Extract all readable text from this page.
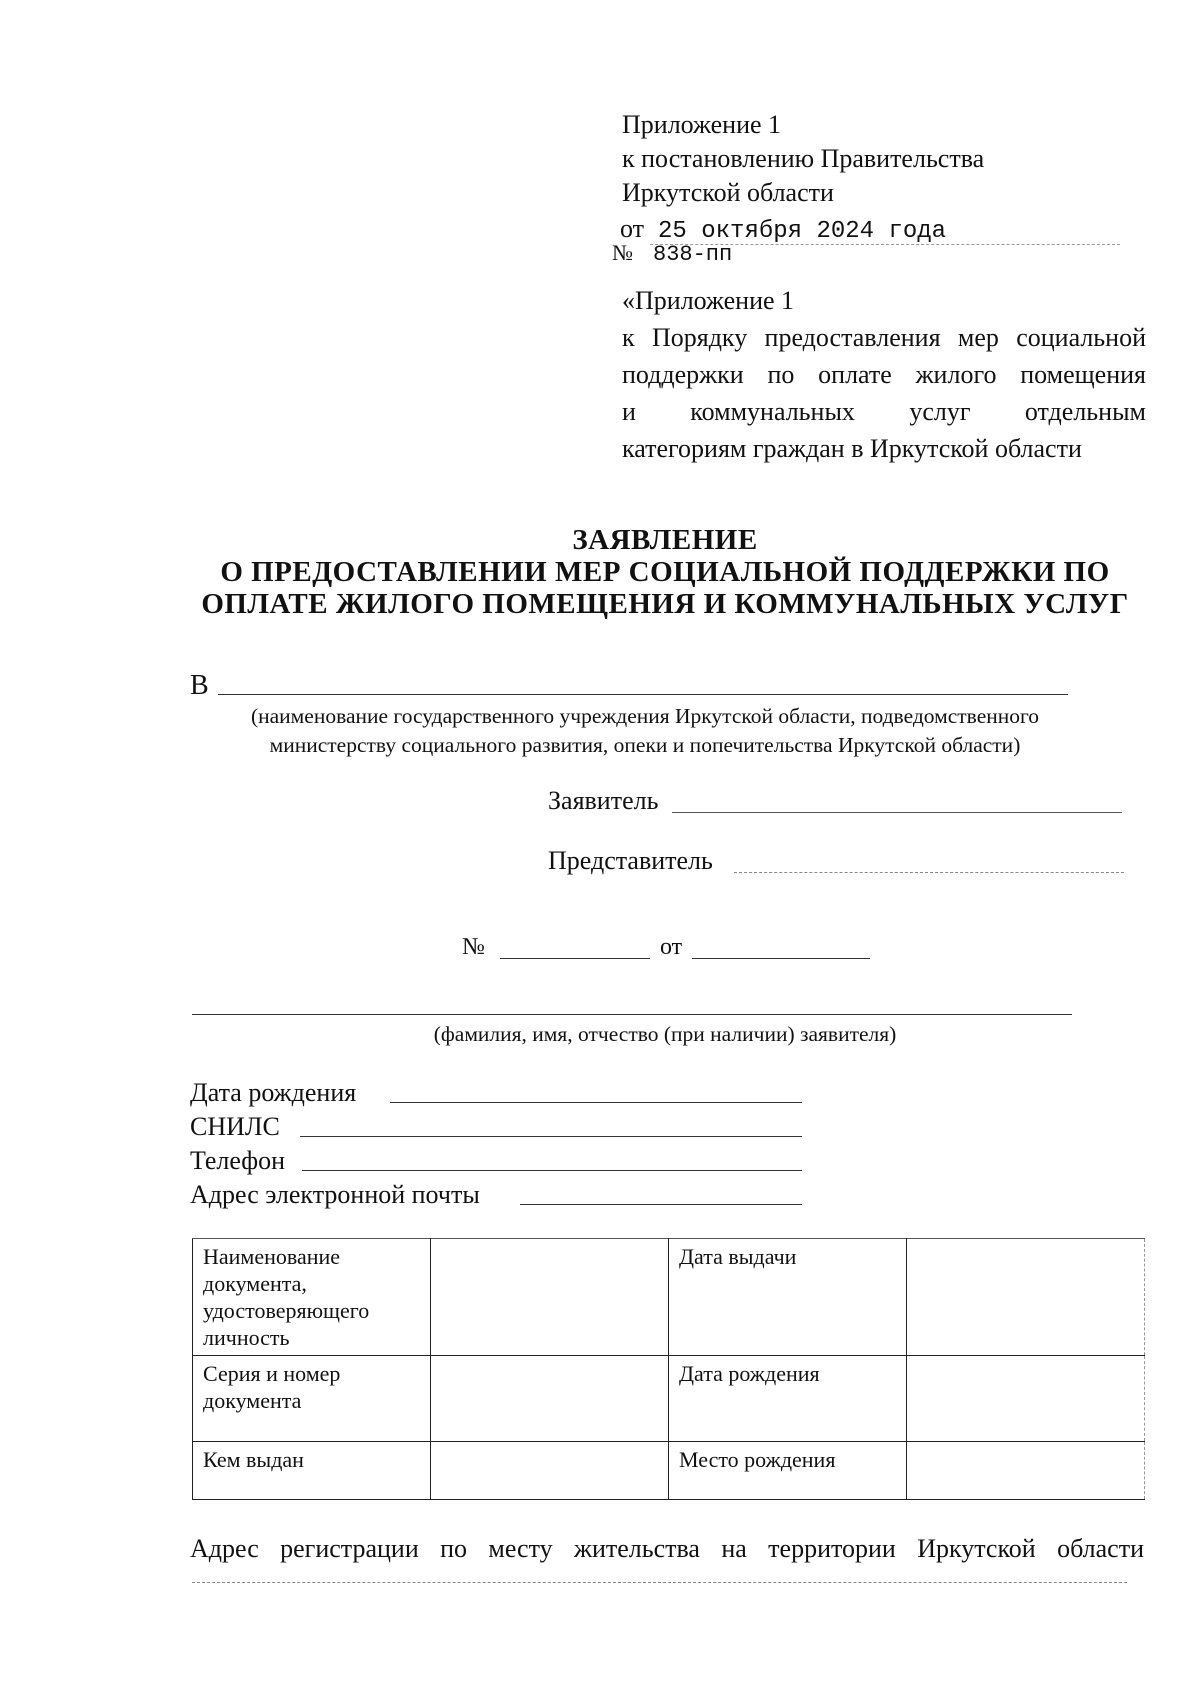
Приложение 1
к постановлению Правительства
Иркутской области
от 25 октября 2024 года
№ 838-пп
«Приложение 1
к Порядку предоставления мер социальной
поддержки по оплате жилого помещения
и коммунальных услуг отдельным
категориям граждан в Иркутской области
ЗАЯВЛЕНИЕ
О ПРЕДОСТАВЛЕНИИ МЕР СОЦИАЛЬНОЙ ПОДДЕРЖКИ ПО
ОПЛАТЕ ЖИЛОГО ПОМЕЩЕНИЯ И КОММУНАЛЬНЫХ УСЛУГ
В
(наименование государственного учреждения Иркутской области, подведомственного
министерству социального развития, опеки и попечительства Иркутской области)
Заявитель
Представитель
№	от
(фамилия, имя, отчество (при наличии) заявителя)
Дата рождения
СНИЛС
Телефон
Адрес электронной почты
Наименование документа, удостоверяющего личность		Дата выдачи	
Серия и номер документа		Дата рождения	
Кем выдан		Место рождения	
Адрес регистрации по месту жительства на территории Иркутской области
